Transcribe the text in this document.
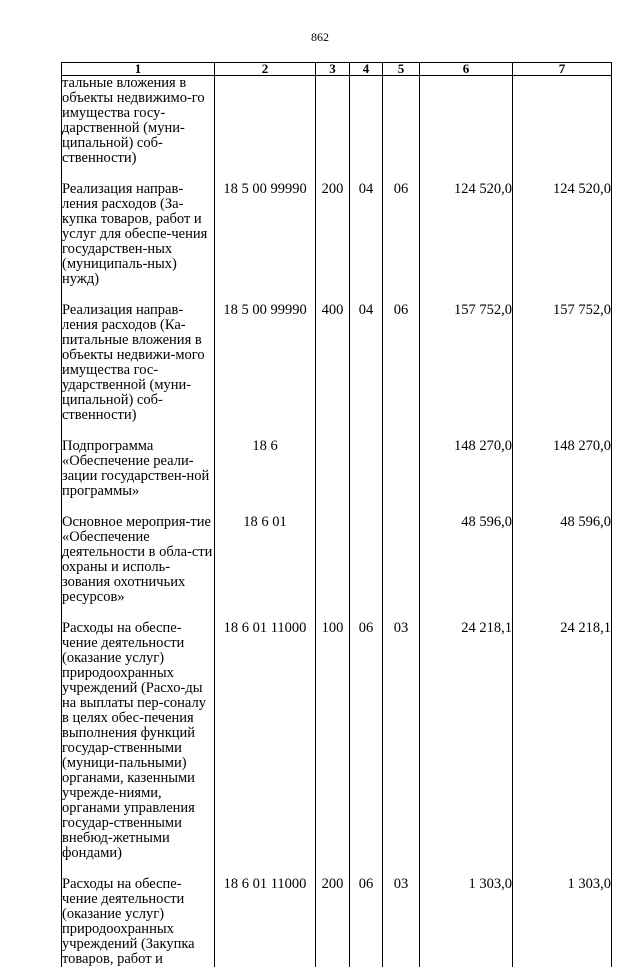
862
1	2	3	4	5	6	7
тальные вложения в объекты недвижимо-го имущества госу-дарственной (муни-ципальной) соб-ственности)						

Реализация направ-ления расходов (За-купка товаров, работ и услуг для обеспе-чения государствен-ных (муниципаль-ных) нужд)	18 5 00 99990	200	04	06	124 520,0	124 520,0

Реализация направ-ления расходов (Ка-питальные вложения в объекты недвижи-мого имущества гос-ударственной (муни-ципальной) соб-ственности)	18 5 00 99990	400	04	06	157 752,0	157 752,0

Подпрограмма «Обеспечение реали-зации государствен-ной программы»	18 6				148 270,0	148 270,0

Основное мероприя-тие «Обеспечение деятельности в обла-сти охраны и исполь-зования охотничьих ресурсов»	18 6 01				48 596,0	48 596,0

Расходы на обеспе-чение деятельности (оказание услуг) природоохранных учреждений (Расхо-ды на выплаты пер-соналу в целях обес-печения выполнения функций государ-ственными (муници-пальными) органами, казенными учрежде-ниями, органами управления государ-ственными внебюд-жетными фондами)	18 6 01 11000	100	06	03	24 218,1	24 218,1

Расходы на обеспе-чение деятельности (оказание услуг) природоохранных учреждений (Закупка товаров, работ и	18 6 01 11000	200	06	03	1 303,0	1 303,0
